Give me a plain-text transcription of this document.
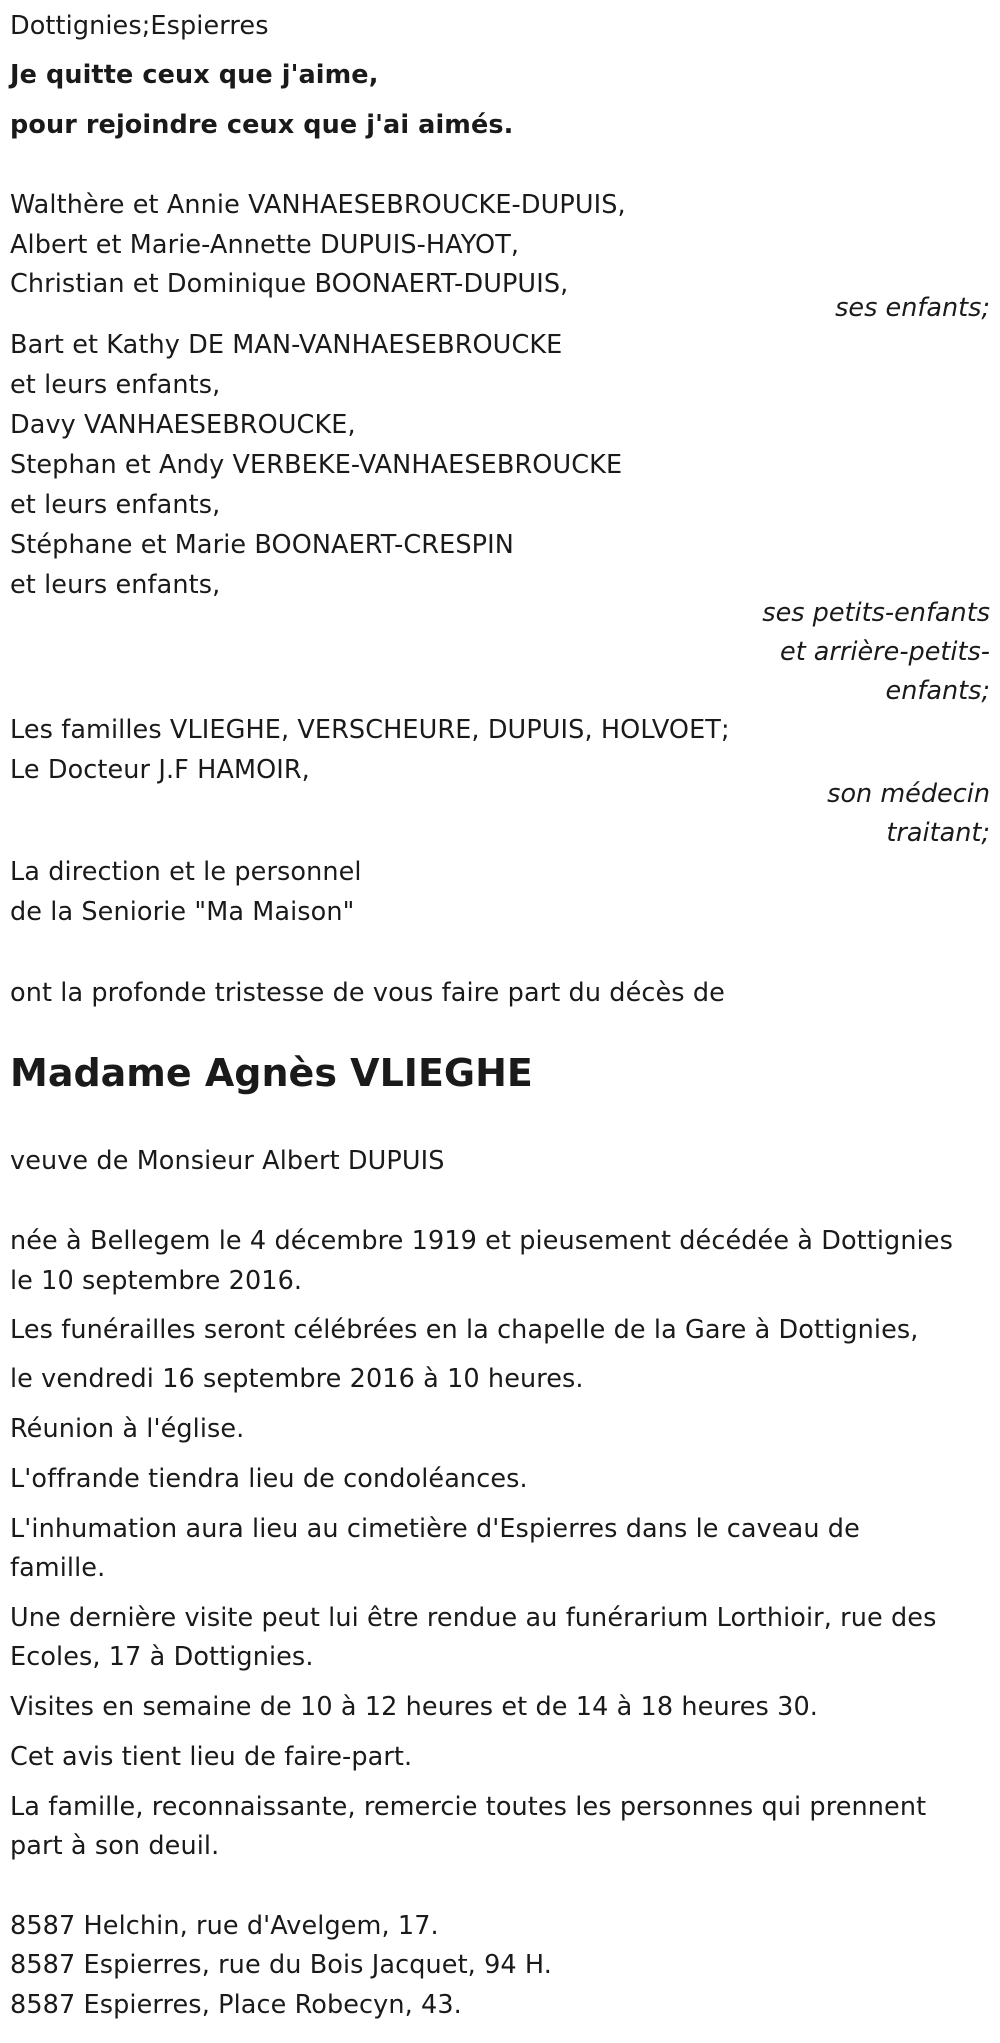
Dottignies;Espierres
Je quitte ceux que j'aime,
pour rejoindre ceux que j'ai aimés.
Walthère et Annie VANHAESEBROUCKE-DUPUIS,
Albert et Marie-Annette DUPUIS-HAYOT,
Christian et Dominique BOONAERT-DUPUIS,
ses enfants;
Bart et Kathy DE MAN-VANHAESEBROUCKE
et leurs enfants,
Davy VANHAESEBROUCKE,
Stephan et Andy VERBEKE-VANHAESEBROUCKE
et leurs enfants,
Stéphane et Marie BOONAERT-CRESPIN
et leurs enfants,
ses petits-enfants
et arrière-petits-
enfants;
Les familles VLIEGHE, VERSCHEURE, DUPUIS, HOLVOET;
Le Docteur J.F HAMOIR,
son médecin
traitant;
La direction et le personnel
de la Seniorie "Ma Maison"
ont la profonde tristesse de vous faire part du décès de
Madame Agnès VLIEGHE
veuve de Monsieur Albert DUPUIS
née à Bellegem le 4 décembre 1919 et pieusement décédée à Dottignies
le 10 septembre 2016.
Les funérailles seront célébrées en la chapelle de la Gare à Dottignies,
le vendredi 16 septembre 2016 à 10 heures.
Réunion à l'église.
L'offrande tiendra lieu de condoléances.
L'inhumation aura lieu au cimetière d'Espierres dans le caveau de
famille.
Une dernière visite peut lui être rendue au funérarium Lorthioir, rue des
Ecoles, 17 à Dottignies.
Visites en semaine de 10 à 12 heures et de 14 à 18 heures 30.
Cet avis tient lieu de faire-part.
La famille, reconnaissante, remercie toutes les personnes qui prennent
part à son deuil.
8587 Helchin, rue d'Avelgem, 17.
8587 Espierres, rue du Bois Jacquet, 94 H.
8587 Espierres, Place Robecyn, 43.
